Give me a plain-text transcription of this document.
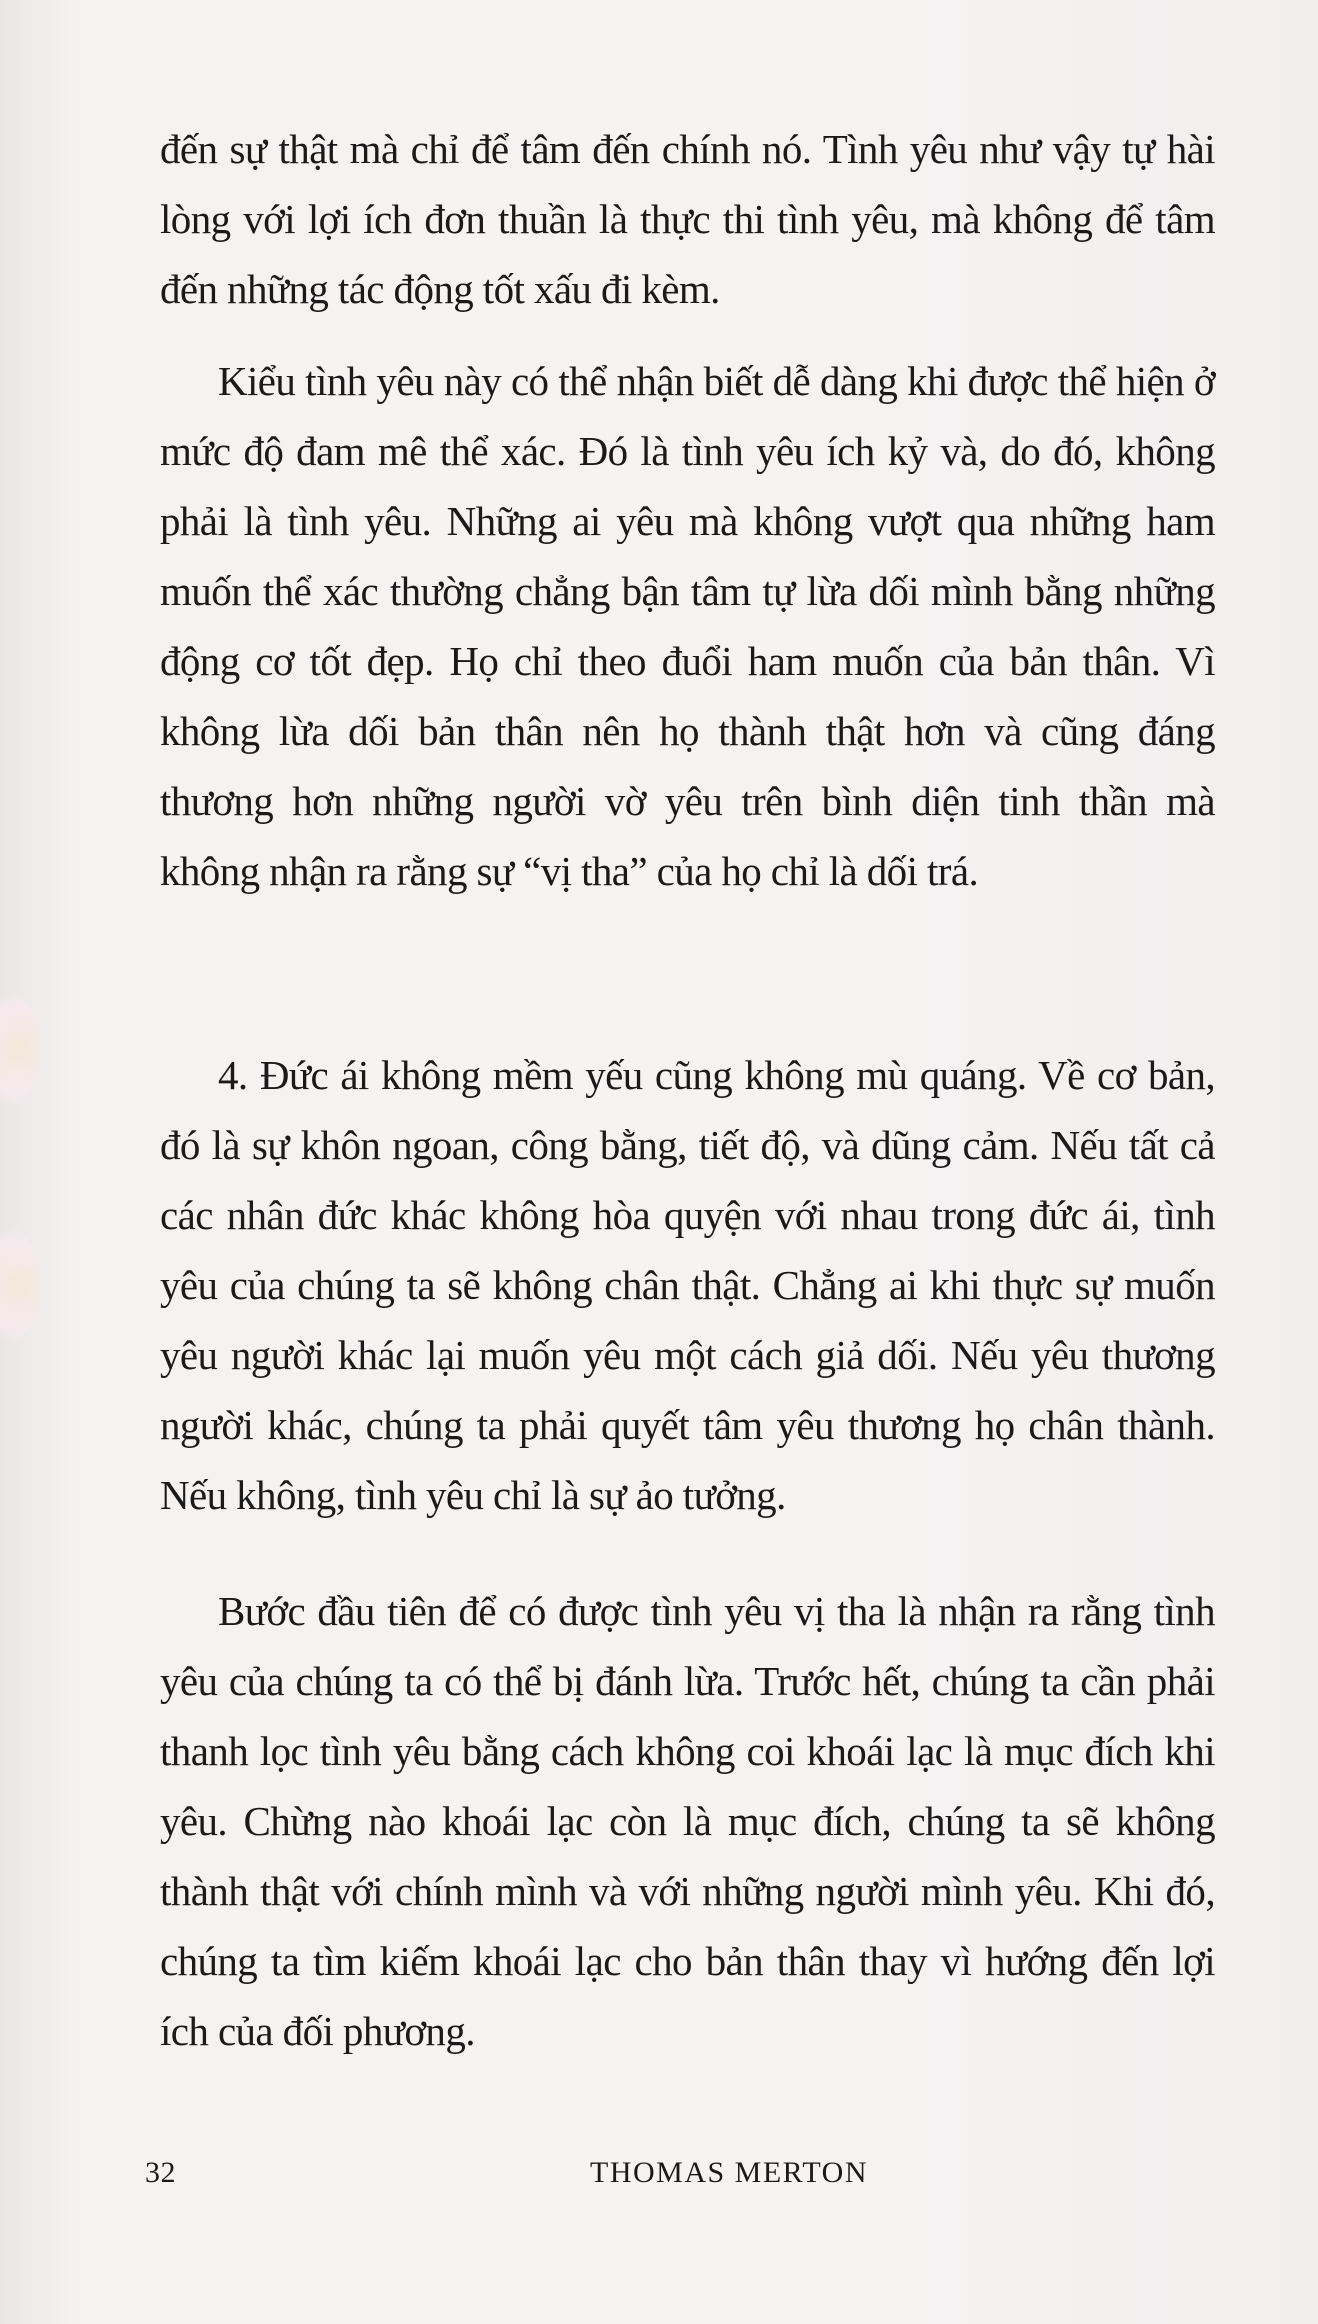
đến sự thật mà chỉ để tâm đến chính nó. Tình yêu như vậy tự hài lòng với lợi ích đơn thuần là thực thi tình yêu, mà không để tâm đến những tác động tốt xấu đi kèm.

Kiểu tình yêu này có thể nhận biết dễ dàng khi được thể hiện ở mức độ đam mê thể xác. Đó là tình yêu ích kỷ và, do đó, không phải là tình yêu. Những ai yêu mà không vượt qua những ham muốn thể xác thường chẳng bận tâm tự lừa dối mình bằng những động cơ tốt đẹp. Họ chỉ theo đuổi ham muốn của bản thân. Vì không lừa dối bản thân nên họ thành thật hơn và cũng đáng thương hơn những người vờ yêu trên bình diện tinh thần mà không nhận ra rằng sự “vị tha” của họ chỉ là dối trá.

4. Đức ái không mềm yếu cũng không mù quáng. Về cơ bản, đó là sự khôn ngoan, công bằng, tiết độ, và dũng cảm. Nếu tất cả các nhân đức khác không hòa quyện với nhau trong đức ái, tình yêu của chúng ta sẽ không chân thật. Chẳng ai khi thực sự muốn yêu người khác lại muốn yêu một cách giả dối. Nếu yêu thương người khác, chúng ta phải quyết tâm yêu thương họ chân thành. Nếu không, tình yêu chỉ là sự ảo tưởng.

Bước đầu tiên để có được tình yêu vị tha là nhận ra rằng tình yêu của chúng ta có thể bị đánh lừa. Trước hết, chúng ta cần phải thanh lọc tình yêu bằng cách không coi khoái lạc là mục đích khi yêu. Chừng nào khoái lạc còn là mục đích, chúng ta sẽ không thành thật với chính mình và với những người mình yêu. Khi đó, chúng ta tìm kiếm khoái lạc cho bản thân thay vì hướng đến lợi ích của đối phương.

32	THOMAS MERTON
